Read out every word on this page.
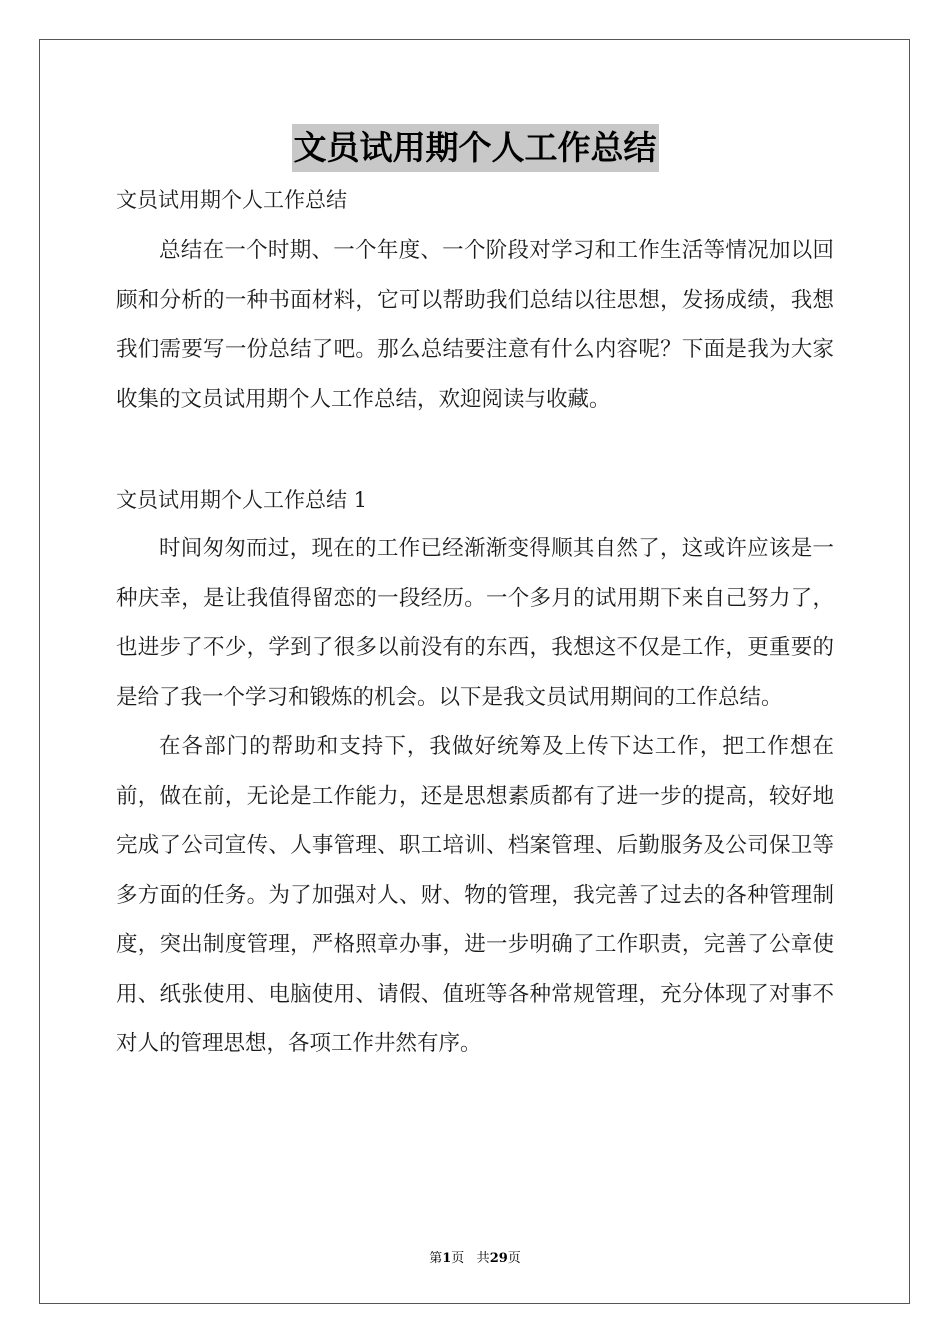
文员试用期个人工作总结
文员试用期个人工作总结

总结在一个时期、一个年度、一个阶段对学习和工作生活等情况加以回顾和分析的一种书面材料，它可以帮助我们总结以往思想，发扬成绩，我想我们需要写一份总结了吧。那么总结要注意有什么内容呢？下面是我为大家收集的文员试用期个人工作总结，欢迎阅读与收藏。

文员试用期个人工作总结 1

时间匆匆而过，现在的工作已经渐渐变得顺其自然了，这或许应该是一种庆幸，是让我值得留恋的一段经历。一个多月的试用期下来自己努力了，也进步了不少，学到了很多以前没有的东西，我想这不仅是工作，更重要的是给了我一个学习和锻炼的机会。以下是我文员试用期间的工作总结。

在各部门的帮助和支持下，我做好统筹及上传下达工作，把工作想在前，做在前，无论是工作能力，还是思想素质都有了进一步的提高，较好地完成了公司宣传、人事管理、职工培训、档案管理、后勤服务及公司保卫等多方面的任务。为了加强对人、财、物的管理，我完善了过去的各种管理制度，突出制度管理，严格照章办事，进一步明确了工作职责，完善了公章使用、纸张使用、电脑使用、请假、值班等各种常规管理，充分体现了对事不对人的管理思想，各项工作井然有序。

第1页 共29页
